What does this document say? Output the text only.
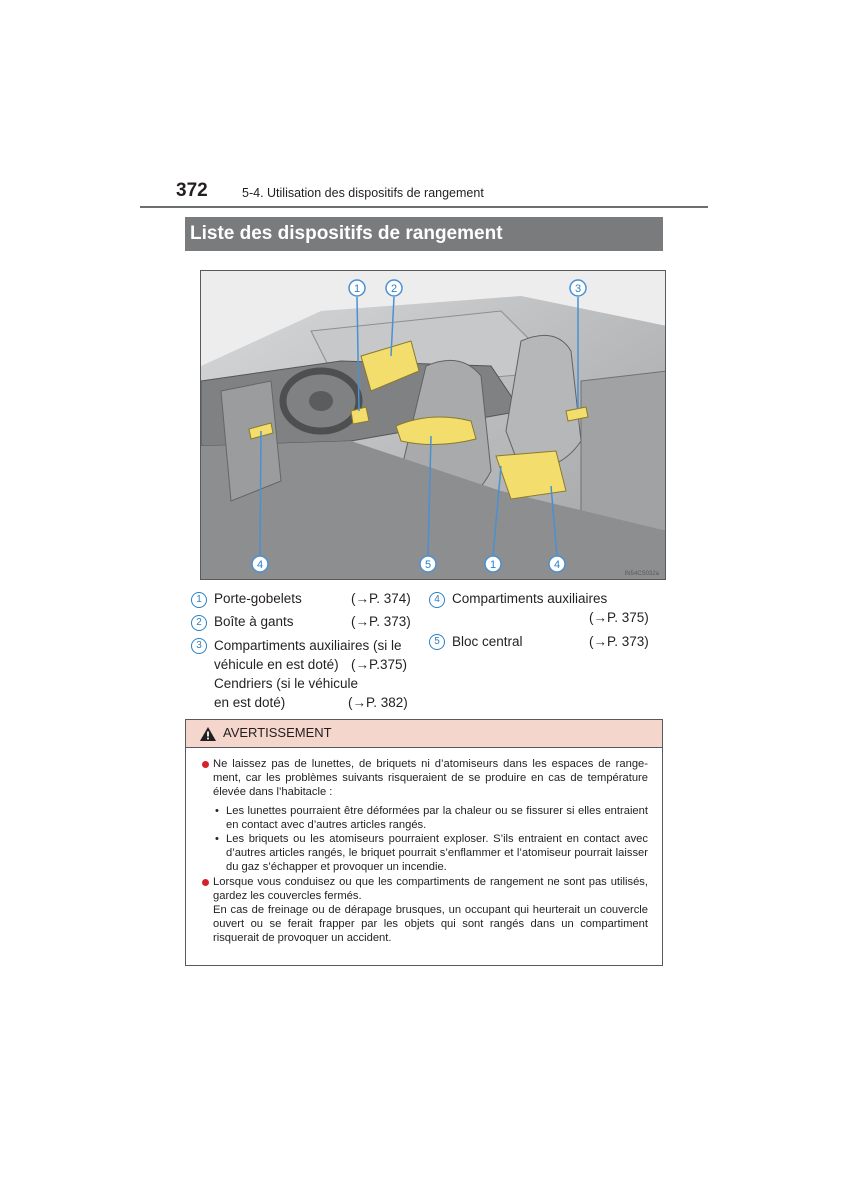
372	5-4. Utilisation des dispositifs de rangement
Liste des dispositifs de rangement
1	2	3
4	5	1	4
IN54CS032a
1 Porte-gobelets	(→P. 374)
2 Boîte à gants	(→P. 373)
3 Compartiments auxiliaires (si le
véhicule en est doté) (→P.375)
Cendriers (si le véhicule
en est doté)	(→P. 382)
4 Compartiments auxiliaires
(→P. 375)
5 Bloc central	(→P. 373)
AVERTISSEMENT

Ne laissez pas de lunettes, de briquets ni d’atomiseurs dans les espaces de rangement, car les problèmes suivants risqueraient de se produire en cas de température élevée dans l’habitacle :

• Les lunettes pourraient être déformées par la chaleur ou se fissurer si elles entraient en contact avec d’autres articles rangés.

• Les briquets ou les atomiseurs pourraient exploser. S’ils entraient en contact avec d’autres articles rangés, le briquet pourrait s’enflammer et l’atomiseur pourrait laisser du gaz s’échapper et provoquer un incendie.

Lorsque vous conduisez ou que les compartiments de rangement ne sont pas utilisés, gardez les couvercles fermés.

En cas de freinage ou de dérapage brusques, un occupant qui heurterait un couvercle ouvert ou se ferait frapper par les objets qui sont rangés dans un compartiment risquerait de provoquer un accident.
